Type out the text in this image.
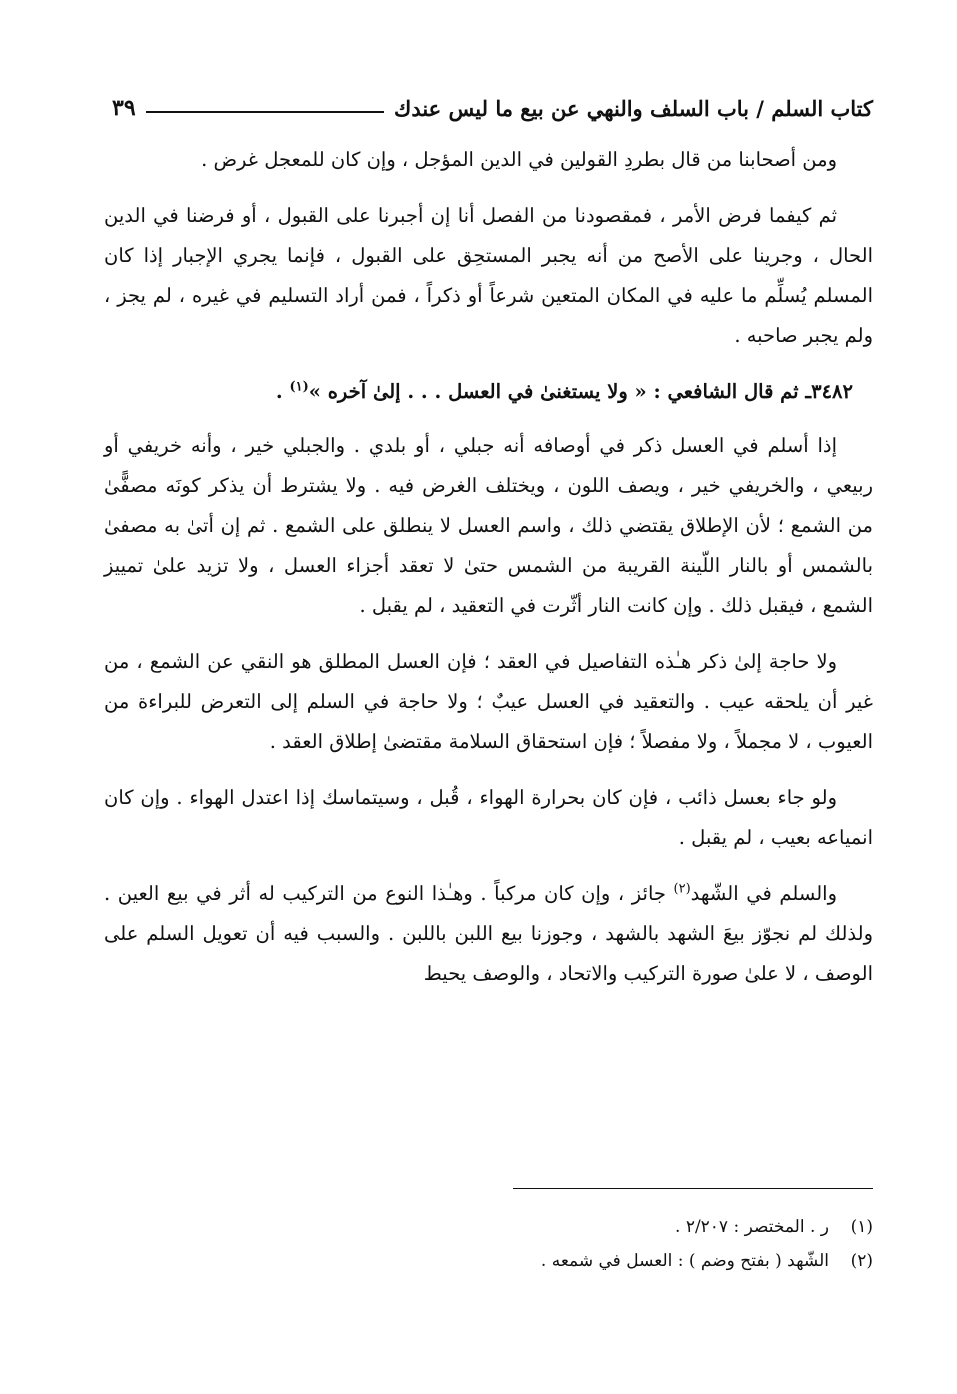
كتاب السلم / باب السلف والنهي عن بيع ما ليس عندك
٣٩

ومن أصحابنا من قال بطردِ القولين في الدين المؤجل ، وإن كان للمعجل غرض .

ثم كيفما فرض الأمر ، فمقصودنا من الفصل أنا إن أجبرنا على القبول ، أو فرضنا في الدين الحال ، وجرينا على الأصح من أنه يجبر المستحِق على القبول ، فإنما يجري الإجبار إذا كان المسلم يُسلِّم ما عليه في المكان المتعين شرعاً أو ذكراً ، فمن أراد التسليم في غيره ، لم يجز ، ولم يجبر صاحبه .

٣٤٨٢ـ ثم قال الشافعي : « ولا يستغنىٰ في العسل . . . إلىٰ آخره »$^{(١)}$ .

إذا أسلم في العسل ذكر في أوصافه أنه جبلي ، أو بلدي . والجبلي خير ، وأنه خريفي أو ربيعي ، والخريفي خير ، ويصف اللون ، ويختلف الغرض فيه . ولا يشترط أن يذكر كونَه مصفًّىٰ من الشمع ؛ لأن الإطلاق يقتضي ذلك ، واسم العسل لا ينطلق على الشمع . ثم إن أتىٰ به مصفىٰ بالشمس أو بالنار اللّينة القريبة من الشمس حتىٰ لا تعقد أجزاء العسل ، ولا تزيد علىٰ تمييز الشمع ، فيقبل ذلك . وإن كانت النار أثّرت في التعقيد ، لم يقبل .

ولا حاجة إلىٰ ذكر هـٰذه التفاصيل في العقد ؛ فإن العسل المطلق هو النقي عن الشمع ، من غير أن يلحقه عيب . والتعقيد في العسل عيبٌ ؛ ولا حاجة في السلم إلى التعرض للبراءة من العيوب ، لا مجملاً ، ولا مفصلاً ؛ فإن استحقاق السلامة مقتضىٰ إطلاق العقد .

ولو جاء بعسل ذائب ، فإن كان بحرارة الهواء ، قُبل ، وسيتماسك إذا اعتدل الهواء . وإن كان انمياعه بعيب ، لم يقبل .

والسلم في الشّهد$^{(٢)}$ جائز ، وإن كان مركباً . وهـٰذا النوع من التركيب له أثر في بيع العين . ولذلك لم نجوّز بيعَ الشهد بالشهد ، وجوزنا بيع اللبن باللبن . والسبب فيه أن تعويل السلم على الوصف ، لا علىٰ صورة التركيب والاتحاد ، والوصف يحيط

(١)
ر . المختصر : ٢/٢٠٧ .
(٢)
الشّهد ( بفتح وضم ) : العسل في شمعه .
